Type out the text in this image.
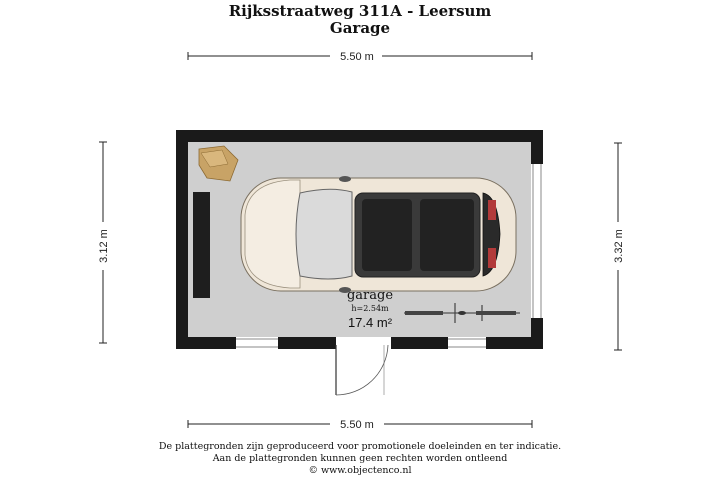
Rijksstraatweg 311A - Leersum
Garage
5.50 m
5.50 m
3.12 m	3.32 m
garage
h=2.54m
17.4 m²
De plattegronden zijn geproduceerd voor promotionele doeleinden en ter indicatie.
Aan de plattegronden kunnen geen rechten worden ontleend
© www.objectenco.nl
